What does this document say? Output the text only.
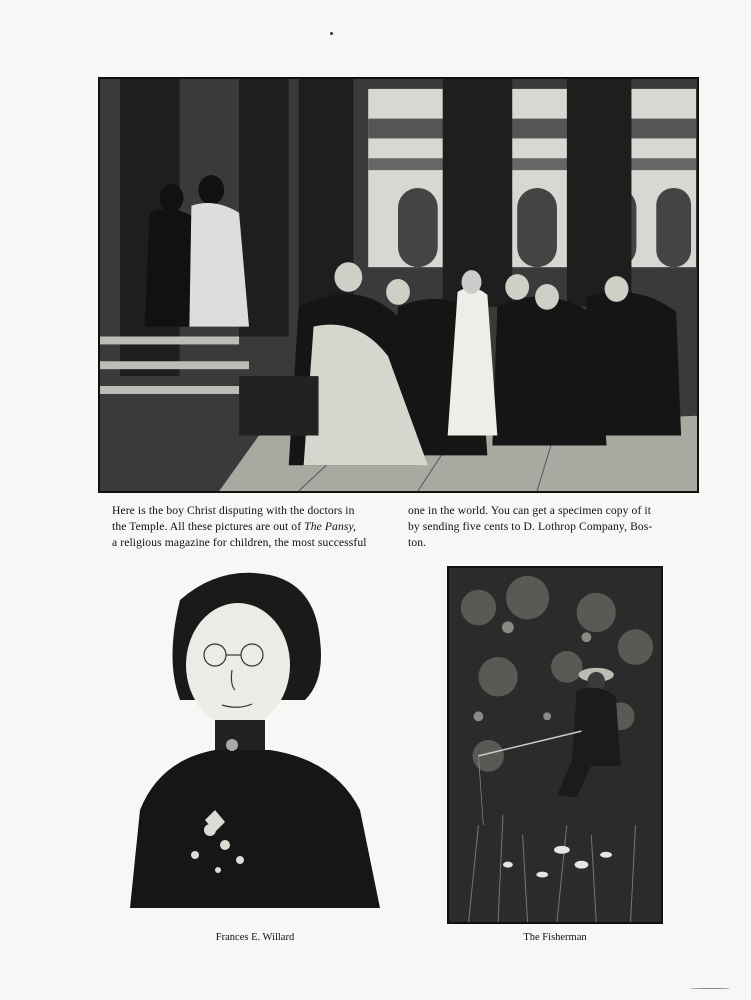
Here is the boy Christ disputing with the doctors in
the Temple. All these pictures are out of The Pansy,
a religious magazine for children, the most successful

one in the world. You can get a specimen copy of it
by sending five cents to D. Lothrop Company, Bos-
ton.

Frances E. Willard	The Fisherman
